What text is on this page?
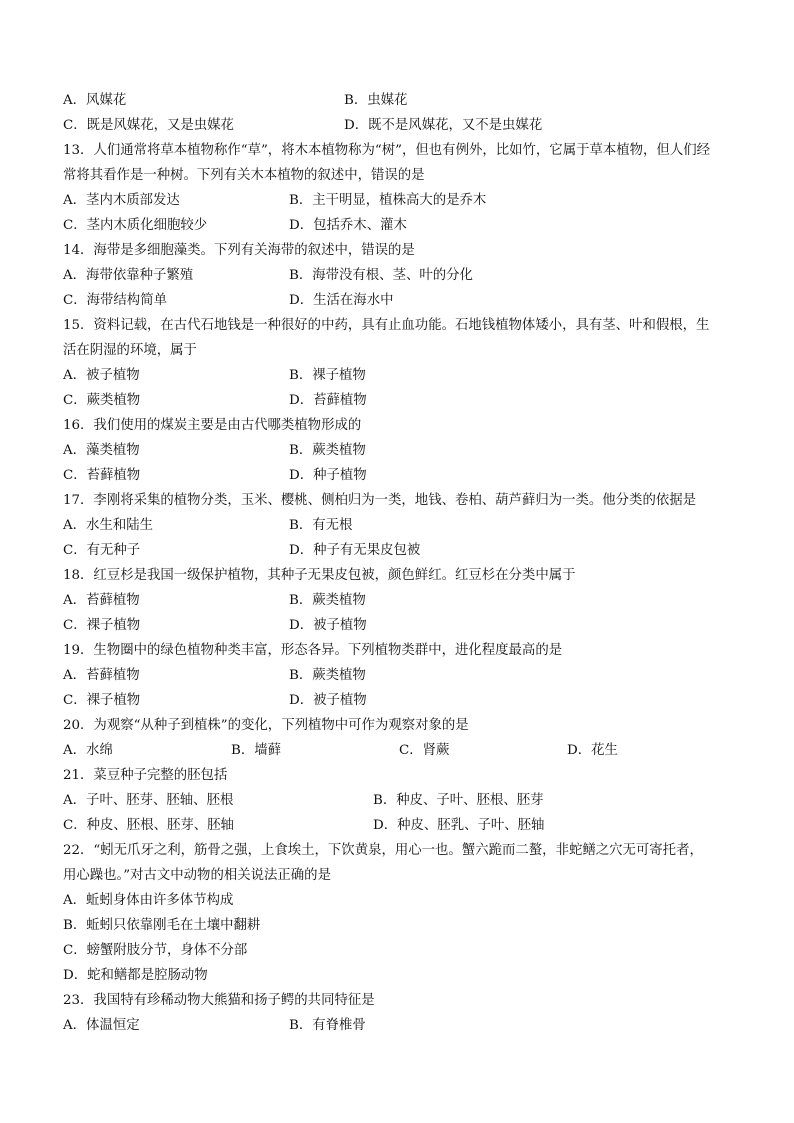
A．风媒花	B．虫媒花
C．既是风媒花，又是虫媒花	D．既不是风媒花，又不是虫媒花
13．人们通常将草本植物称作“草”，将木本植物称为“树”，但也有例外，比如竹，它属于草本植物，但人们经
常将其看作是一种树。下列有关木本植物的叙述中，错误的是
A．茎内木质部发达	B．主干明显，植株高大的是乔木
C．茎内木质化细胞较少	D．包括乔木、灌木
14．海带是多细胞藻类。下列有关海带的叙述中，错误的是
A．海带依靠种子繁殖	B．海带没有根、茎、叶的分化
C．海带结构简单	D．生活在海水中
15．资料记载，在古代石地钱是一种很好的中药，具有止血功能。石地钱植物体矮小，具有茎、叶和假根，生
活在阴湿的环境，属于
A．被子植物	B．裸子植物
C．蕨类植物	D．苔藓植物
16．我们使用的煤炭主要是由古代哪类植物形成的
A．藻类植物	B．蕨类植物
C．苔藓植物	D．种子植物
17．李刚将采集的植物分类，玉米、樱桃、侧柏归为一类，地钱、卷柏、葫芦藓归为一类。他分类的依据是
A．水生和陆生	B．有无根
C．有无种子	D．种子有无果皮包被
18．红豆杉是我国一级保护植物，其种子无果皮包被，颜色鲜红。红豆杉在分类中属于
A．苔藓植物	B．蕨类植物
C．裸子植物	D．被子植物
19．生物圈中的绿色植物种类丰富，形态各异。下列植物类群中，进化程度最高的是
A．苔藓植物	B．蕨类植物
C．裸子植物	D．被子植物
20．为观察“从种子到植株”的变化，下列植物中可作为观察对象的是
A．水绵	B．墙藓	C．肾蕨	D．花生
21．菜豆种子完整的胚包括
A．子叶、胚芽、胚轴、胚根	B．种皮、子叶、胚根、胚芽
C．种皮、胚根、胚芽、胚轴	D．种皮、胚乳、子叶、胚轴
22．“蚓无爪牙之利，筋骨之强，上食埃土，下饮黄泉，用心一也。蟹六跪而二螯，非蛇鳝之穴无可寄托者，
用心躁也。”对古文中动物的相关说法正确的是
A．蚯蚓身体由许多体节构成
B．蚯蚓只依靠刚毛在土壤中翻耕
C．螃蟹附肢分节，身体不分部
D．蛇和鳝都是腔肠动物
23．我国特有珍稀动物大熊猫和扬子鳄的共同特征是
A．体温恒定	B．有脊椎骨
